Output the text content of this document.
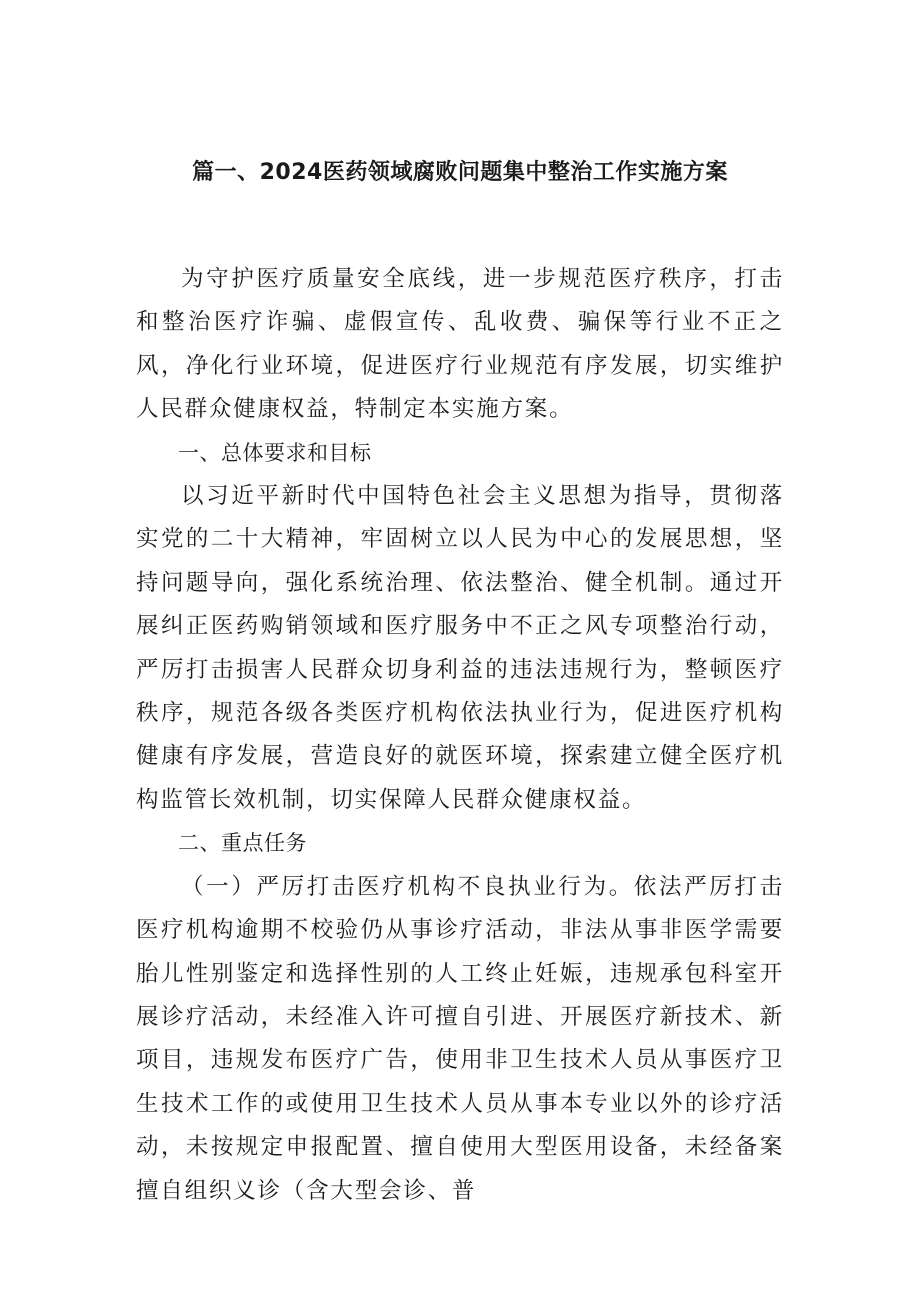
篇一、2024医药领域腐败问题集中整治工作实施方案

为守护医疗质量安全底线，进一步规范医疗秩序，打击和整治医疗诈骗、虚假宣传、乱收费、骗保等行业不正之风，净化行业环境，促进医疗行业规范有序发展，切实维护人民群众健康权益，特制定本实施方案。

一、总体要求和目标

以习近平新时代中国特色社会主义思想为指导，贯彻落实党的二十大精神，牢固树立以人民为中心的发展思想，坚持问题导向，强化系统治理、依法整治、健全机制。通过开展纠正医药购销领域和医疗服务中不正之风专项整治行动，严厉打击损害人民群众切身利益的违法违规行为，整顿医疗秩序，规范各级各类医疗机构依法执业行为，促进医疗机构健康有序发展，营造良好的就医环境，探索建立健全医疗机构监管长效机制，切实保障人民群众健康权益。

二、重点任务

（一）严厉打击医疗机构不良执业行为。依法严厉打击医疗机构逾期不校验仍从事诊疗活动，非法从事非医学需要胎儿性别鉴定和选择性别的人工终止妊娠，违规承包科室开展诊疗活动，未经准入许可擅自引进、开展医疗新技术、新项目，违规发布医疗广告，使用非卫生技术人员从事医疗卫生技术工作的或使用卫生技术人员从事本专业以外的诊疗活动，未按规定申报配置、擅自使用大型医用设备，未经备案擅自组织义诊（含大型会诊、普
